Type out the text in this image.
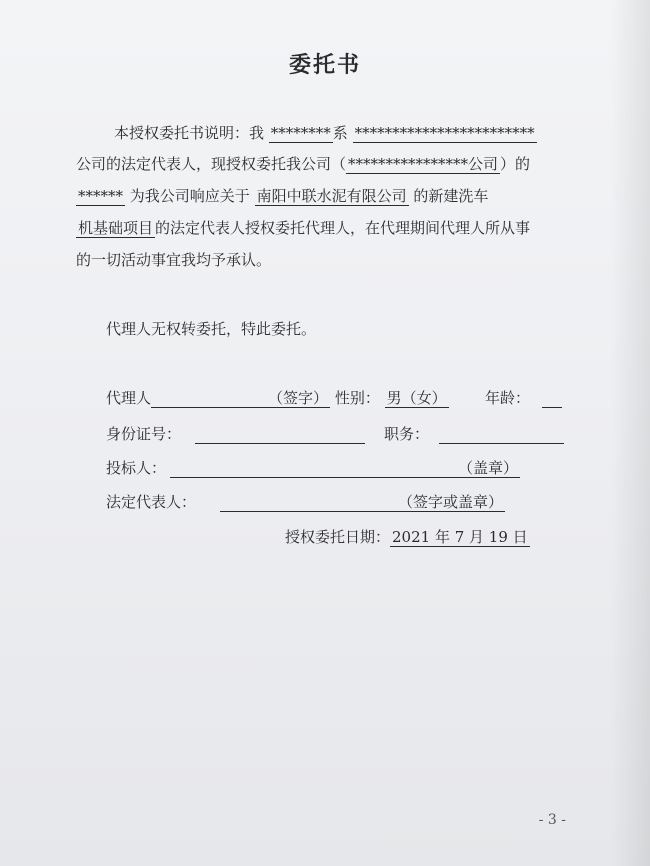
委托书
本授权委托书说明：我 ******** 系 ************************
公司的法定代表人，现授权委托我公司（ ****************公司 ）的
****** 为我公司响应关于 南阳中联水泥有限公司 的新建洗车
机基础项目 的法定代表人授权委托代理人，在代理期间代理人所从事
的一切活动事宜我均予承认。
代理人无权转委托，特此委托。
代理人	（签字） 性别： 男（女）	年龄：
身份证号：	职务：
投标人：	（盖章）
法定代表人：	（签字或盖章）
授权委托日期： 2021 年 7 月 19 日
- 3 -
